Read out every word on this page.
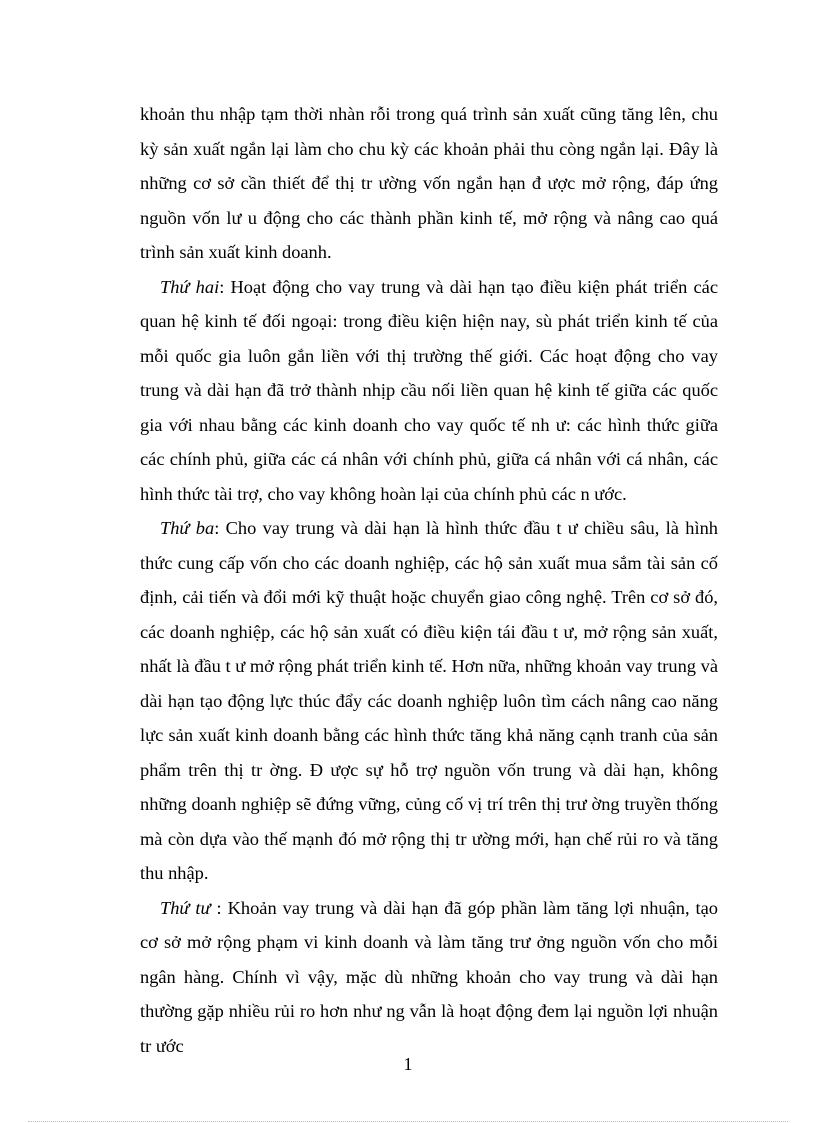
khoản thu nhập tạm thời nhàn rỗi trong quá trình sản xuất cũng tăng lên, chu kỳ sản xuất ngắn lại làm cho chu kỳ các khoản phải thu còng ngắn lại. Đây là những cơ sở cần thiết để thị tr ường vốn ngắn hạn đ ược mở rộng, đáp ứng nguồn vốn lư u động cho các thành phần kinh tế, mở rộng và nâng cao quá trình sản xuất kinh doanh.

Thứ hai: Hoạt động cho vay trung và dài hạn tạo điều kiện phát triển các quan hệ kinh tế đối ngoại: trong điều kiện hiện nay, sù phát triển kinh tế của mỗi quốc gia luôn gắn liền với thị trường thế giới. Các hoạt động cho vay trung và dài hạn đã trở thành nhịp cầu nối liền quan hệ kinh tế giữa các quốc gia với nhau bằng các kinh doanh cho vay quốc tế nh ư: các hình thức giữa các chính phủ, giữa các cá nhân với chính phủ, giữa cá nhân với cá nhân, các hình thức tài trợ, cho vay không hoàn lại của chính phủ các n ước.

Thứ ba: Cho vay trung và dài hạn là hình thức đầu t ư chiều sâu, là hình thức cung cấp vốn cho các doanh nghiệp, các hộ sản xuất mua sắm tài sản cố định, cải tiến và đổi mới kỹ thuật hoặc chuyển giao công nghệ. Trên cơ sở đó, các doanh nghiệp, các hộ sản xuất có điều kiện tái đầu t ư, mở rộng sản xuất, nhất là đầu t ư mở rộng phát triển kinh tế. Hơn nữa, những khoản vay trung và dài hạn tạo động lực thúc đẩy các doanh nghiệp luôn tìm cách nâng cao năng lực sản xuất kinh doanh bằng các hình thức tăng khả năng cạnh tranh của sản phẩm trên thị tr ờng. Đ ược sự hỗ trợ nguồn vốn trung và dài hạn, không những doanh nghiệp sẽ đứng vững, củng cố vị trí trên thị trư ờng truyền thống mà còn dựa vào thế mạnh đó mở rộng thị tr ường mới, hạn chế rủi ro và tăng thu nhập.

Thứ tư : Khoản vay trung và dài hạn đã góp phần làm tăng lợi nhuận, tạo cơ sở mở rộng phạm vi kinh doanh và làm tăng trư ởng nguồn vốn cho mỗi ngân hàng. Chính vì vậy, mặc dù những khoản cho vay trung và dài hạn thường gặp nhiều rủi ro hơn như ng vẫn là hoạt động đem lại nguồn lợi nhuận tr ước

1
